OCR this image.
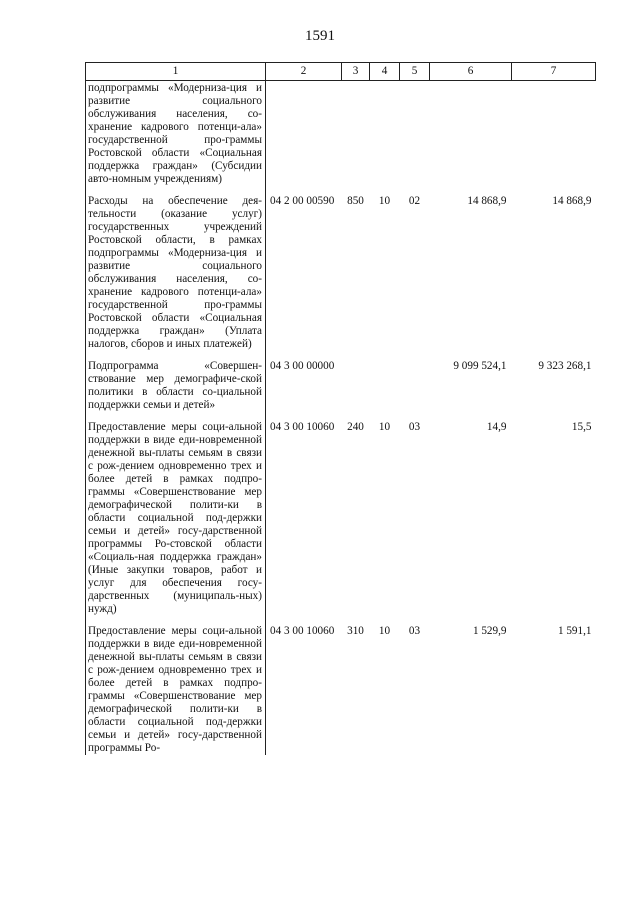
1591
1	2	3	4	5	6	7
подпрограммы «Модерниза-ция и развитие социального обслуживания населения, со-хранение кадрового потенци-ала» государственной про-граммы Ростовской области «Социальная поддержка граждан» (Субсидии авто-номным учреждениям)						
Расходы на обеспечение дея-тельности (оказание услуг) государственных учреждений Ростовской области, в рамках подпрограммы «Модерниза-ция и развитие социального обслуживания населения, со-хранение кадрового потенци-ала» государственной про-граммы Ростовской области «Социальная поддержка граждан» (Уплата налогов, сборов и иных платежей)	04 2 00 00590	850	10	02	14 868,9	14 868,9
Подпрограмма «Совершен-ствование мер демографиче-ской политики в области со-циальной поддержки семьи и детей»	04 3 00 00000				9 099 524,1	9 323 268,1
Предоставление меры соци-альной поддержки в виде еди-новременной денежной вы-платы семьям в связи с рож-дением одновременно трех и более детей в рамках подпро-граммы «Совершенствование мер демографической полити-ки в области социальной под-держки семьи и детей» госу-дарственной программы Ро-стовской области «Социаль-ная поддержка граждан» (Иные закупки товаров, работ и услуг для обеспечения госу-дарственных (муниципаль-ных) нужд)	04 3 00 10060	240	10	03	14,9	15,5
Предоставление меры соци-альной поддержки в виде еди-новременной денежной вы-платы семьям в связи с рож-дением одновременно трех и более детей в рамках подпро-граммы «Совершенствование мер демографической полити-ки в области социальной под-держки семьи и детей» госу-дарственной программы Ро-	04 3 00 10060	310	10	03	1 529,9	1 591,1
